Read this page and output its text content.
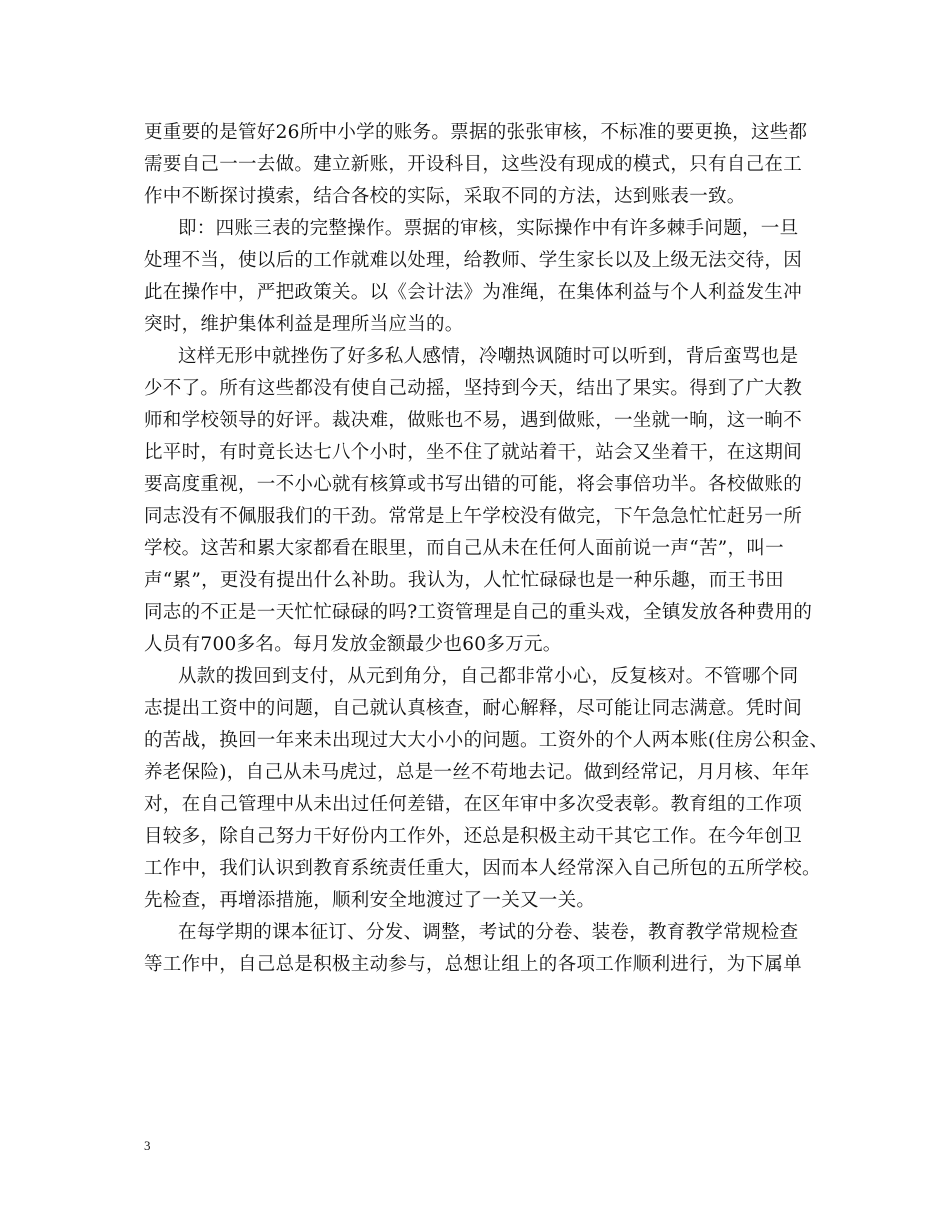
更重要的是管好26所中小学的账务。票据的张张审核，不标准的要更换，这些都
需要自己一一去做。建立新账，开设科目，这些没有现成的模式，只有自己在工
作中不断探讨摸索，结合各校的实际，采取不同的方法，达到账表一致。
即：四账三表的完整操作。票据的审核，实际操作中有许多棘手问题，一旦
处理不当，使以后的工作就难以处理，给教师、学生家长以及上级无法交待，因
此在操作中，严把政策关。以《会计法》为准绳，在集体利益与个人利益发生冲
突时，维护集体利益是理所当应当的。
这样无形中就挫伤了好多私人感情，冷嘲热讽随时可以听到，背后蛮骂也是
少不了。所有这些都没有使自己动摇，坚持到今天，结出了果实。得到了广大教
师和学校领导的好评。裁决难，做账也不易，遇到做账，一坐就一晌，这一晌不
比平时，有时竟长达七八个小时，坐不住了就站着干，站会又坐着干，在这期间
要高度重视，一不小心就有核算或书写出错的可能，将会事倍功半。各校做账的
同志没有不佩服我们的干劲。常常是上午学校没有做完，下午急急忙忙赶另一所
学校。这苦和累大家都看在眼里，而自己从未在任何人面前说一声“苦”，叫一
声“累”，更没有提出什么补助。我认为，人忙忙碌碌也是一种乐趣，而王书田
同志的不正是一天忙忙碌碌的吗?工资管理是自己的重头戏，全镇发放各种费用的
人员有700多名。每月发放金额最少也60多万元。
从款的拨回到支付，从元到角分，自己都非常小心，反复核对。不管哪个同
志提出工资中的问题，自己就认真核查，耐心解释，尽可能让同志满意。凭时间
的苦战，换回一年来未出现过大大小小的问题。工资外的个人两本账(住房公积金、
养老保险)，自己从未马虎过，总是一丝不苟地去记。做到经常记，月月核、年年
对，在自己管理中从未出过任何差错，在区年审中多次受表彰。教育组的工作项
目较多，除自己努力干好份内工作外，还总是积极主动干其它工作。在今年创卫
工作中，我们认识到教育系统责任重大，因而本人经常深入自己所包的五所学校。
先检查，再增添措施，顺利安全地渡过了一关又一关。
在每学期的课本征订、分发、调整，考试的分卷、装卷，教育教学常规检查
等工作中，自己总是积极主动参与，总想让组上的各项工作顺利进行，为下属单
3
